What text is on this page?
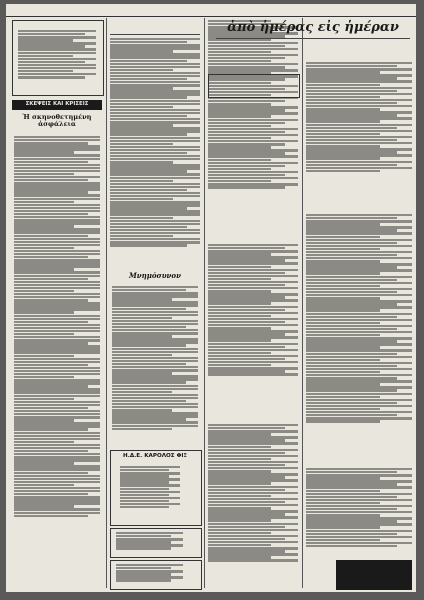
ΣΚΕΨΕΙΣ ΚΑΙ ΚΡΙΣΕΙΣ
Ἡ σκηνοθετημένη ἀσφάλεια
Μνημόσυνον
Η.Δ.Ε. ΚΑΡΟΛΟΣ ΦΙΞ
ἀπὸ ἡμέρας εἰς ἡμέραν
